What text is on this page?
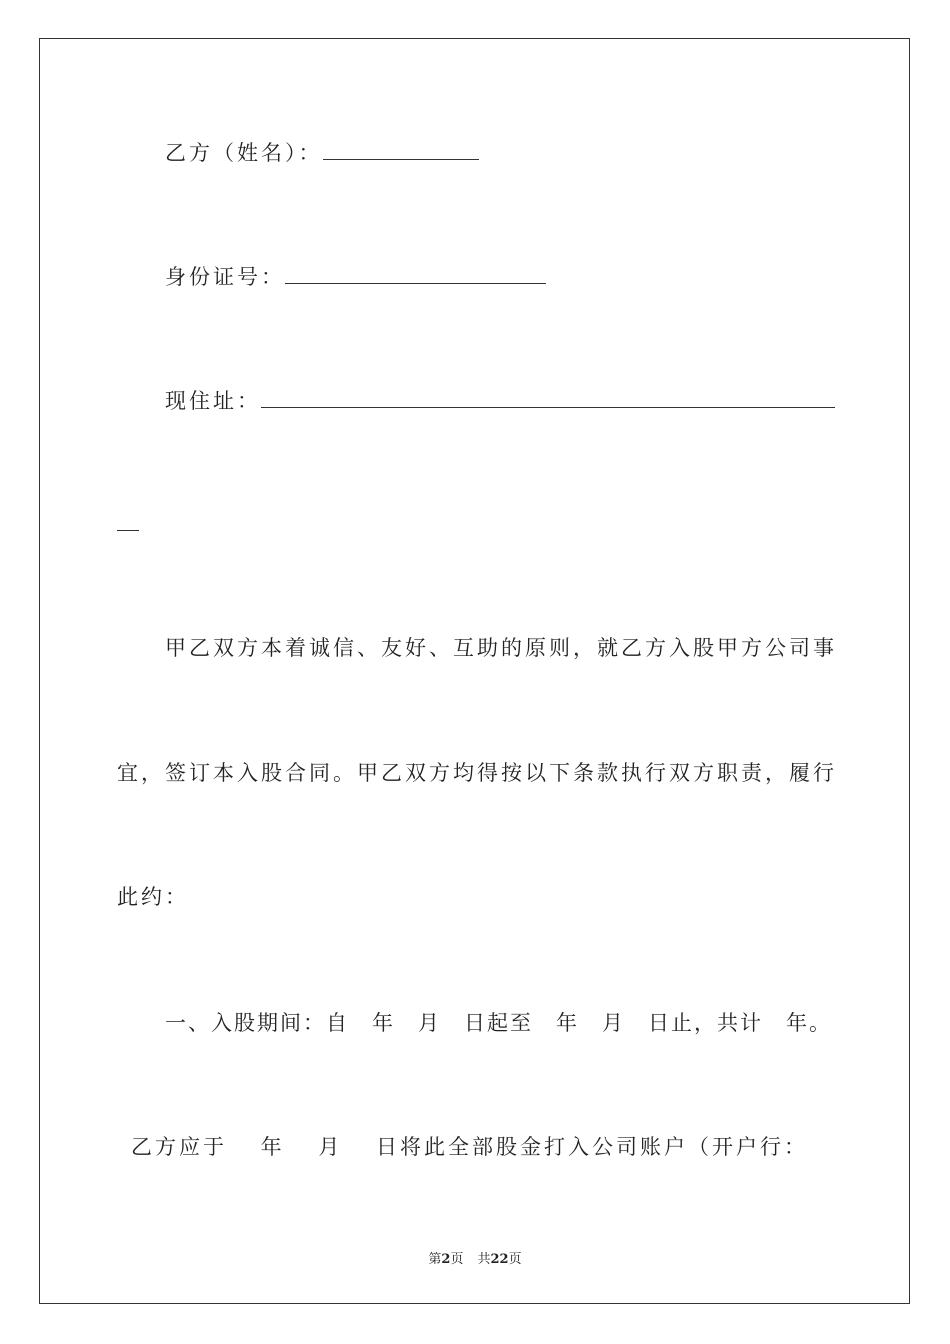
乙方（姓名）：
身份证号：
现住址：
甲乙双方本着诚信、友好、互助的原则，就乙方入股甲方公司事
宜，签订本入股合同。甲乙双方均得按以下条款执行双方职责，履行
此约：
一、入股期间：自　年　月　日起至　年　月　日止，共计　年。
乙方应于　 年　 月　 日将此全部股金打入公司账户（开户行：
第2页 共22页
